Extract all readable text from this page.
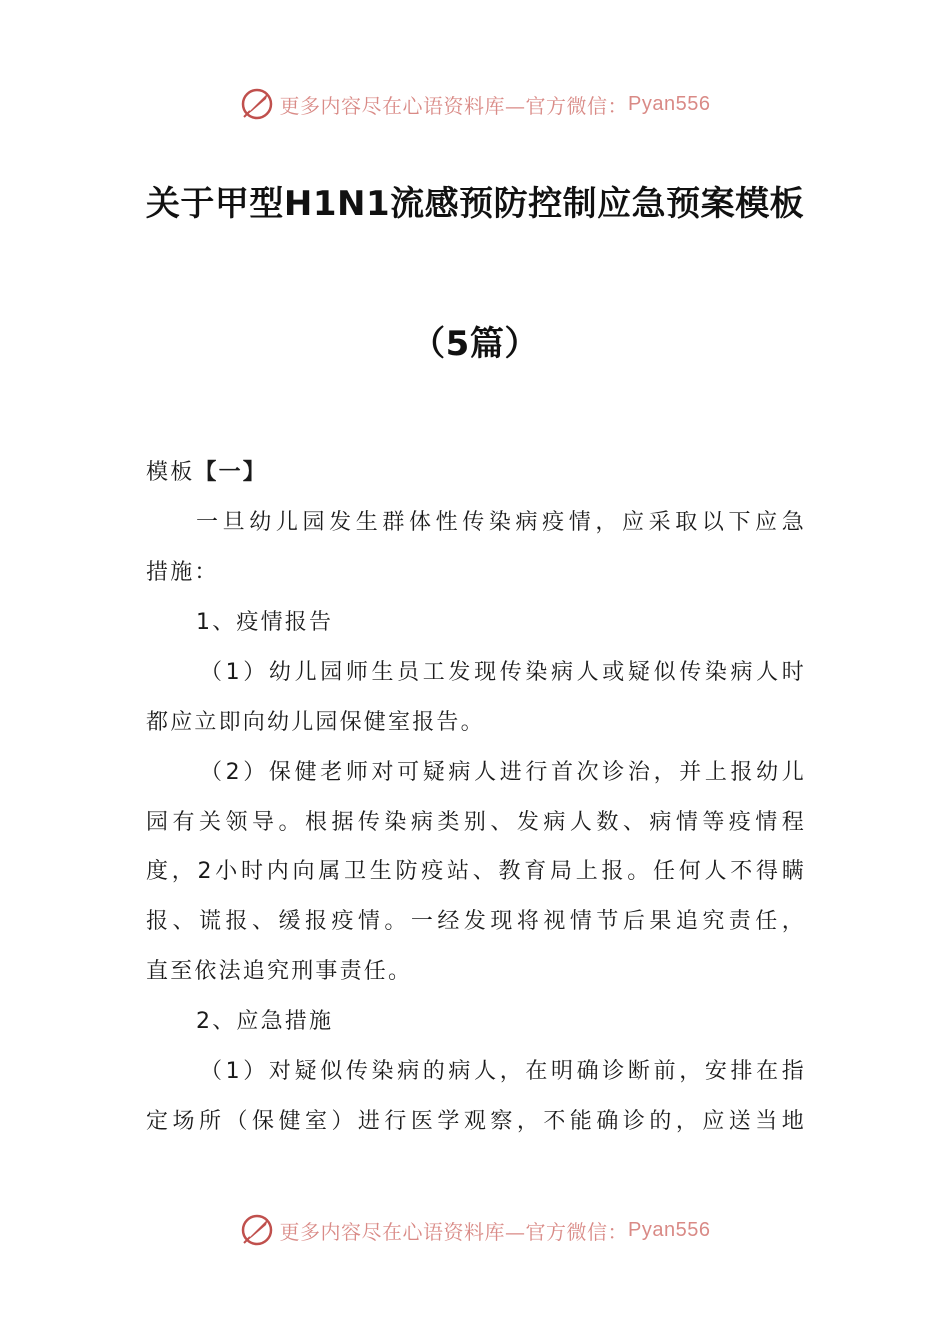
更多内容尽在心语资料库—官方微信： Pyan556
关于甲型H1N1流感预防控制应急预案模板
（5篇）
模板【一】
一旦幼儿园发生群体性传染病疫情，应采取以下应急
措施：
1、疫情报告
（1）幼儿园师生员工发现传染病人或疑似传染病人时
都应立即向幼儿园保健室报告。
（2）保健老师对可疑病人进行首次诊治，并上报幼儿
园有关领导。根据传染病类别、发病人数、病情等疫情程
度，2小时内向属卫生防疫站、教育局上报。任何人不得瞒
报、谎报、缓报疫情。一经发现将视情节后果追究责任，
直至依法追究刑事责任。
2、应急措施
（1）对疑似传染病的病人，在明确诊断前，安排在指
定场所（保健室）进行医学观察，不能确诊的，应送当地
更多内容尽在心语资料库—官方微信： Pyan556
